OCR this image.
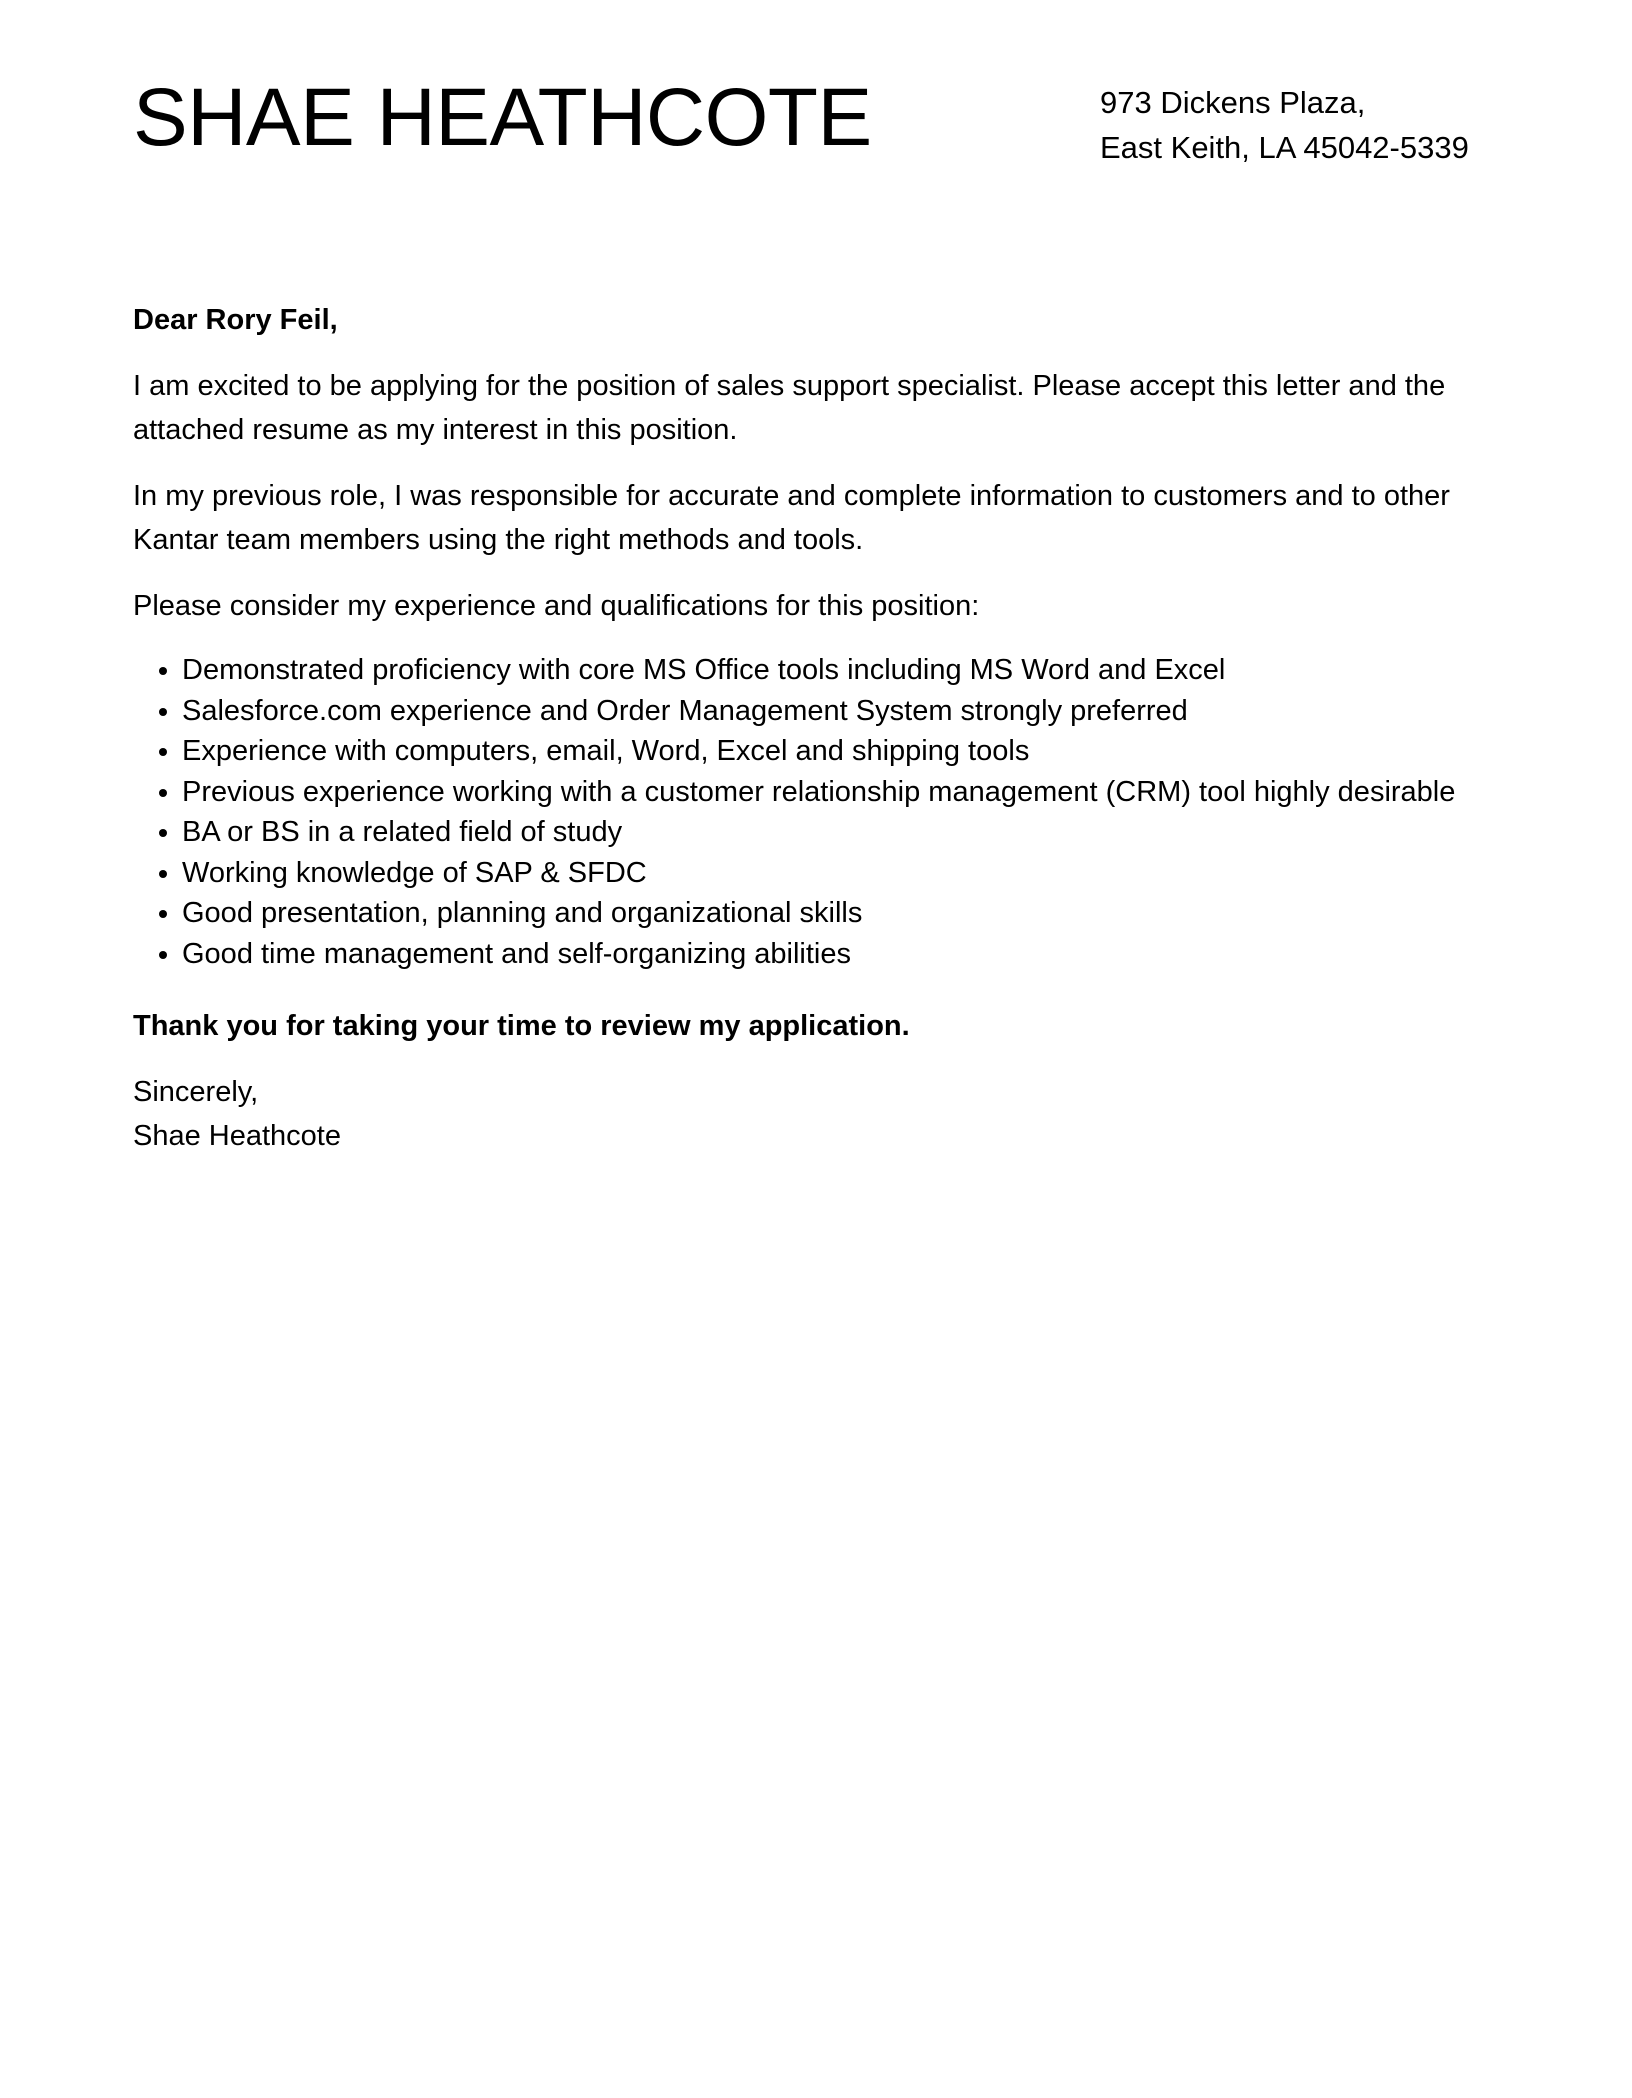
SHAE HEATHCOTE	973 Dickens Plaza,
East Keith, LA 45042-5339

Dear Rory Feil,

I am excited to be applying for the position of sales support specialist. Please accept this letter and the attached resume as my interest in this position.

In my previous role, I was responsible for accurate and complete information to customers and to other Kantar team members using the right methods and tools.

Please consider my experience and qualifications for this position:

• Demonstrated proficiency with core MS Office tools including MS Word and Excel
• Salesforce.com experience and Order Management System strongly preferred
• Experience with computers, email, Word, Excel and shipping tools
• Previous experience working with a customer relationship management (CRM) tool highly desirable
• BA or BS in a related field of study
• Working knowledge of SAP & SFDC
• Good presentation, planning and organizational skills
• Good time management and self-organizing abilities

Thank you for taking your time to review my application.

Sincerely,
Shae Heathcote
